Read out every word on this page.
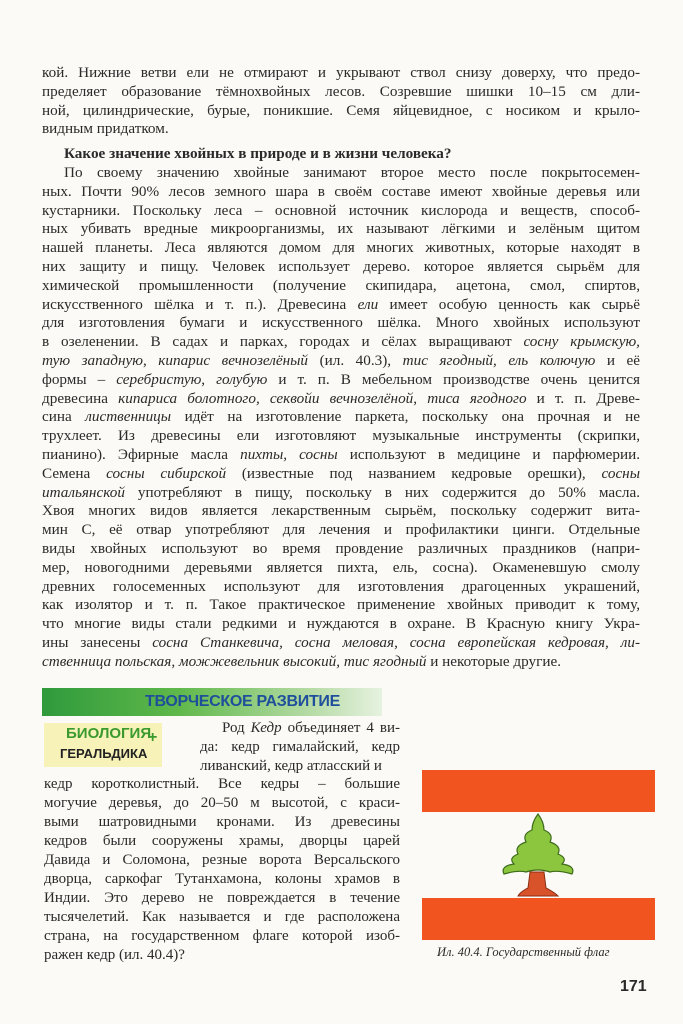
кой. Нижние ветви ели не отмирают и укрывают ствол снизу доверху, что предо-
пределяет образование тёмнохвойных лесов. Созревшие шишки 10–15 см дли-
ной, цилиндрические, бурые, поникшие. Семя яйцевидное, с носиком и крыло-
видным придатком.
Какое значение хвойных в природе и в жизни человека?
По своему значению хвойные занимают второе место после покрытосемен-
ных. Почти 90% лесов земного шара в своём составе имеют хвойные деревья или
кустарники. Поскольку леса – основной источник кислорода и веществ, способ-
ных убивать вредные микроорганизмы, их называют лёгкими и зелёным щитом
нашей планеты. Леса являются домом для многих животных, которые находят в
них защиту и пищу. Человек использует дерево. которое является сырьём для
химической промышленности (получение скипидара, ацетона, смол, спиртов,
искусственного шёлка и т. п.). Древесина ели имеет особую ценность как сырьё
для изготовления бумаги и искусственного шёлка. Много хвойных используют
в озеленении. В садах и парках, городах и сёлах выращивают сосну крымскую,
тую западную, кипарис вечнозелёный (ил. 40.3), тис ягодный, ель колючую и её
формы – серебристую, голубую и т. п. В мебельном производстве очень ценится
древесина кипариса болотного, секвойи вечнозелёной, тиса ягодного и т. п. Древе-
сина лиственницы идёт на изготовление паркета, поскольку она прочная и не
трухлеет. Из древесины ели изготовляют музыкальные инструменты (скрипки,
пианино). Эфирные масла пихты, сосны используют в медицине и парфюмерии.
Семена сосны сибирской (известные под названием кедровые орешки), сосны
итальянской употребляют в пищу, поскольку в них содержится до 50% масла.
Хвоя многих видов является лекарственным сырьём, поскольку содержит вита-
мин С, её отвар употребляют для лечения и профилактики цинги. Отдельные
виды хвойных используют во время провдение различных праздников (напри-
мер, новогодними деревьями является пихта, ель, сосна). Окаменевшую смолу
древних голосеменных используют для изготовления драгоценных украшений,
как изолятор и т. п. Такое практическое применение хвойных приводит к тому,
что многие виды стали редкими и нуждаются в охране. В Красную книгу Укра-
ины занесены сосна Станкевича, сосна меловая, сосна европейская кедровая, ли-
ственница польская, можжевельник высокий, тис ягодный и некоторые другие.
ТВОРЧЕСКОЕ РАЗВИТИЕ
БИОЛОГИЯ
+
ГЕРАЛЬДИКА
Род Кедр объединяет 4 ви-
да: кедр гималайский, кедр
ливанский, кедр атласский и
кедр коротколистный. Все кедры – большие
могучие деревья, до 20–50 м высотой, с краси-
выми шатровидными кронами. Из древесины
кедров были сооружены храмы, дворцы царей
Давида и Соломона, резные ворота Версальского
дворца, саркофаг Тутанхамона, колоны храмов в
Индии. Это дерево не повреждается в течение
тысячелетий. Как называется и где расположена
страна, на государственном флаге которой изоб-
ражен кедр (ил. 40.4)?	Ил. 40.4. Государственный флаг
171
